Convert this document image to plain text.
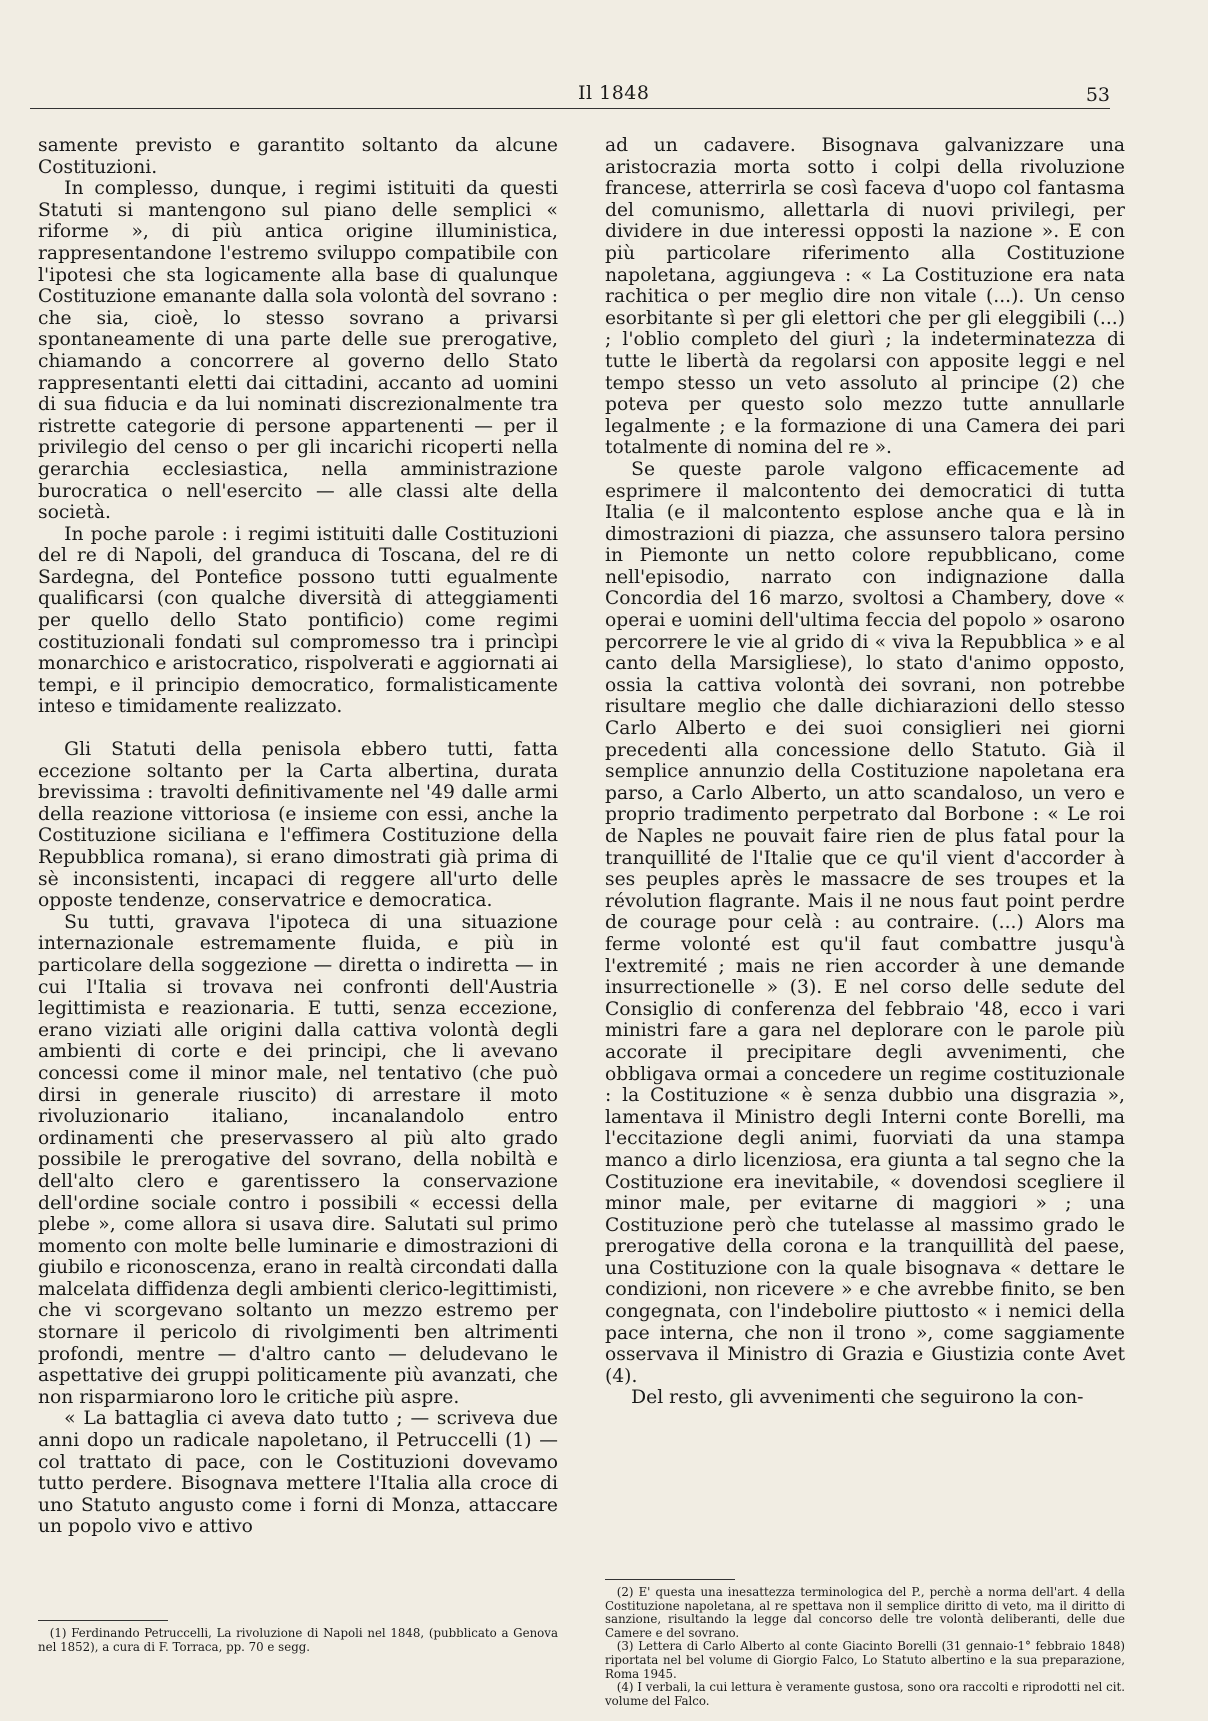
Il 1848	53

samente previsto e garantito soltanto da alcune Costituzioni.

In complesso, dunque, i regimi istituiti da questi Statuti si mantengono sul piano delle semplici « riforme », di più antica origine illuministica, rappresentandone l'estremo sviluppo compatibile con l'ipotesi che sta logicamente alla base di qualunque Costituzione emanante dalla sola volontà del sovrano : che sia, cioè, lo stesso sovrano a privarsi spontaneamente di una parte delle sue prerogative, chiamando a concorrere al governo dello Stato rappresentanti eletti dai cittadini, accanto ad uomini di sua fiducia e da lui nominati discrezionalmente tra ristrette categorie di persone appartenenti — per il privilegio del censo o per gli incarichi ricoperti nella gerarchia ecclesiastica, nella amministrazione burocratica o nell'esercito — alle classi alte della società.

In poche parole : i regimi istituiti dalle Costituzioni del re di Napoli, del granduca di Toscana, del re di Sardegna, del Pontefice possono tutti egualmente qualificarsi (con qualche diversità di atteggiamenti per quello dello Stato pontificio) come regimi costituzionali fondati sul compromesso tra i princìpi monarchico e aristocratico, rispolverati e aggiornati ai tempi, e il principio democratico, formalisticamente inteso e timidamente realizzato.

Gli Statuti della penisola ebbero tutti, fatta eccezione soltanto per la Carta albertina, durata brevissima : travolti definitivamente nel '49 dalle armi della reazione vittoriosa (e insieme con essi, anche la Costituzione siciliana e l'effimera Costituzione della Repubblica romana), si erano dimostrati già prima di sè inconsistenti, incapaci di reggere all'urto delle opposte tendenze, conservatrice e democratica.

Su tutti, gravava l'ipoteca di una situazione internazionale estremamente fluida, e più in particolare della soggezione — diretta o indiretta — in cui l'Italia si trovava nei confronti dell'Austria legittimista e reazionaria. E tutti, senza eccezione, erano viziati alle origini dalla cattiva volontà degli ambienti di corte e dei principi, che li avevano concessi come il minor male, nel tentativo (che può dirsi in generale riuscito) di arrestare il moto rivoluzionario italiano, incanalandolo entro ordinamenti che preservassero al più alto grado possibile le prerogative del sovrano, della nobiltà e dell'alto clero e garentissero la conservazione dell'ordine sociale contro i possibili « eccessi della plebe », come allora si usava dire. Salutati sul primo momento con molte belle luminarie e dimostrazioni di giubilo e riconoscenza, erano in realtà circondati dalla malcelata diffidenza degli ambienti clerico-legittimisti, che vi scorgevano soltanto un mezzo estremo per stornare il pericolo di rivolgimenti ben altrimenti profondi, mentre — d'altro canto — deludevano le aspettative dei gruppi politicamente più avanzati, che non risparmiarono loro le critiche più aspre.

« La battaglia ci aveva dato tutto ; — scriveva due anni dopo un radicale napoletano, il Petruccelli (1) — col trattato di pace, con le Costituzioni dovevamo tutto perdere. Bisognava mettere l'Italia alla croce di uno Statuto angusto come i forni di Monza, attaccare un popolo vivo e attivo

(1) Ferdinando Petruccelli, La rivoluzione di Napoli nel 1848, (pubblicato a Genova nel 1852), a cura di F. Torraca, pp. 70 e segg.

ad un cadavere. Bisognava galvanizzare una aristocrazia morta sotto i colpi della rivoluzione francese, atterrirla se così faceva d'uopo col fantasma del comunismo, allettarla di nuovi privilegi, per dividere in due interessi opposti la nazione ». E con più particolare riferimento alla Costituzione napoletana, aggiungeva : « La Costituzione era nata rachitica o per meglio dire non vitale (...). Un censo esorbitante sì per gli elettori che per gli eleggibili (...) ; l'oblio completo del giurì ; la indeterminatezza di tutte le libertà da regolarsi con apposite leggi e nel tempo stesso un veto assoluto al principe (2) che poteva per questo solo mezzo tutte annullarle legalmente ; e la formazione di una Camera dei pari totalmente di nomina del re ».

Se queste parole valgono efficacemente ad esprimere il malcontento dei democratici di tutta Italia (e il malcontento esplose anche qua e là in dimostrazioni di piazza, che assunsero talora persino in Piemonte un netto colore repubblicano, come nell'episodio, narrato con indignazione dalla Concordia del 16 marzo, svoltosi a Chambery, dove « operai e uomini dell'ultima feccia del popolo » osarono percorrere le vie al grido di « viva la Repubblica » e al canto della Marsigliese), lo stato d'animo opposto, ossia la cattiva volontà dei sovrani, non potrebbe risultare meglio che dalle dichiarazioni dello stesso Carlo Alberto e dei suoi consiglieri nei giorni precedenti alla concessione dello Statuto. Già il semplice annunzio della Costituzione napoletana era parso, a Carlo Alberto, un atto scandaloso, un vero e proprio tradimento perpetrato dal Borbone : « Le roi de Naples ne pouvait faire rien de plus fatal pour la tranquillité de l'Italie que ce qu'il vient d'accorder à ses peuples après le massacre de ses troupes et la révolution flagrante. Mais il ne nous faut point perdre de courage pour celà : au contraire. (...) Alors ma ferme volonté est qu'il faut combattre jusqu'à l'extremité ; mais ne rien accorder à une demande insurrectionelle » (3). E nel corso delle sedute del Consiglio di conferenza del febbraio '48, ecco i vari ministri fare a gara nel deplorare con le parole più accorate il precipitare degli avvenimenti, che obbligava ormai a concedere un regime costituzionale : la Costituzione « è senza dubbio una disgrazia », lamentava il Ministro degli Interni conte Borelli, ma l'eccitazione degli animi, fuorviati da una stampa manco a dirlo licenziosa, era giunta a tal segno che la Costituzione era inevitabile, « dovendosi scegliere il minor male, per evitarne di maggiori » ; una Costituzione però che tutelasse al massimo grado le prerogative della corona e la tranquillità del paese, una Costituzione con la quale bisognava « dettare le condizioni, non ricevere » e che avrebbe finito, se ben congegnata, con l'indebolire piuttosto « i nemici della pace interna, che non il trono », come saggiamente osservava il Ministro di Grazia e Giustizia conte Avet (4).

Del resto, gli avvenimenti che seguirono la con-

(2) E' questa una inesattezza terminologica del P., perchè a norma dell'art. 4 della Costituzione napoletana, al re spettava non il semplice diritto di veto, ma il diritto di sanzione, risultando la legge dal concorso delle tre volontà deliberanti, delle due Camere e del sovrano.

(3) Lettera di Carlo Alberto al conte Giacinto Borelli (31 gennaio-1° febbraio 1848) riportata nel bel volume di Giorgio Falco, Lo Statuto albertino e la sua preparazione, Roma 1945.

(4) I verbali, la cui lettura è veramente gustosa, sono ora raccolti e riprodotti nel cit. volume del Falco.
